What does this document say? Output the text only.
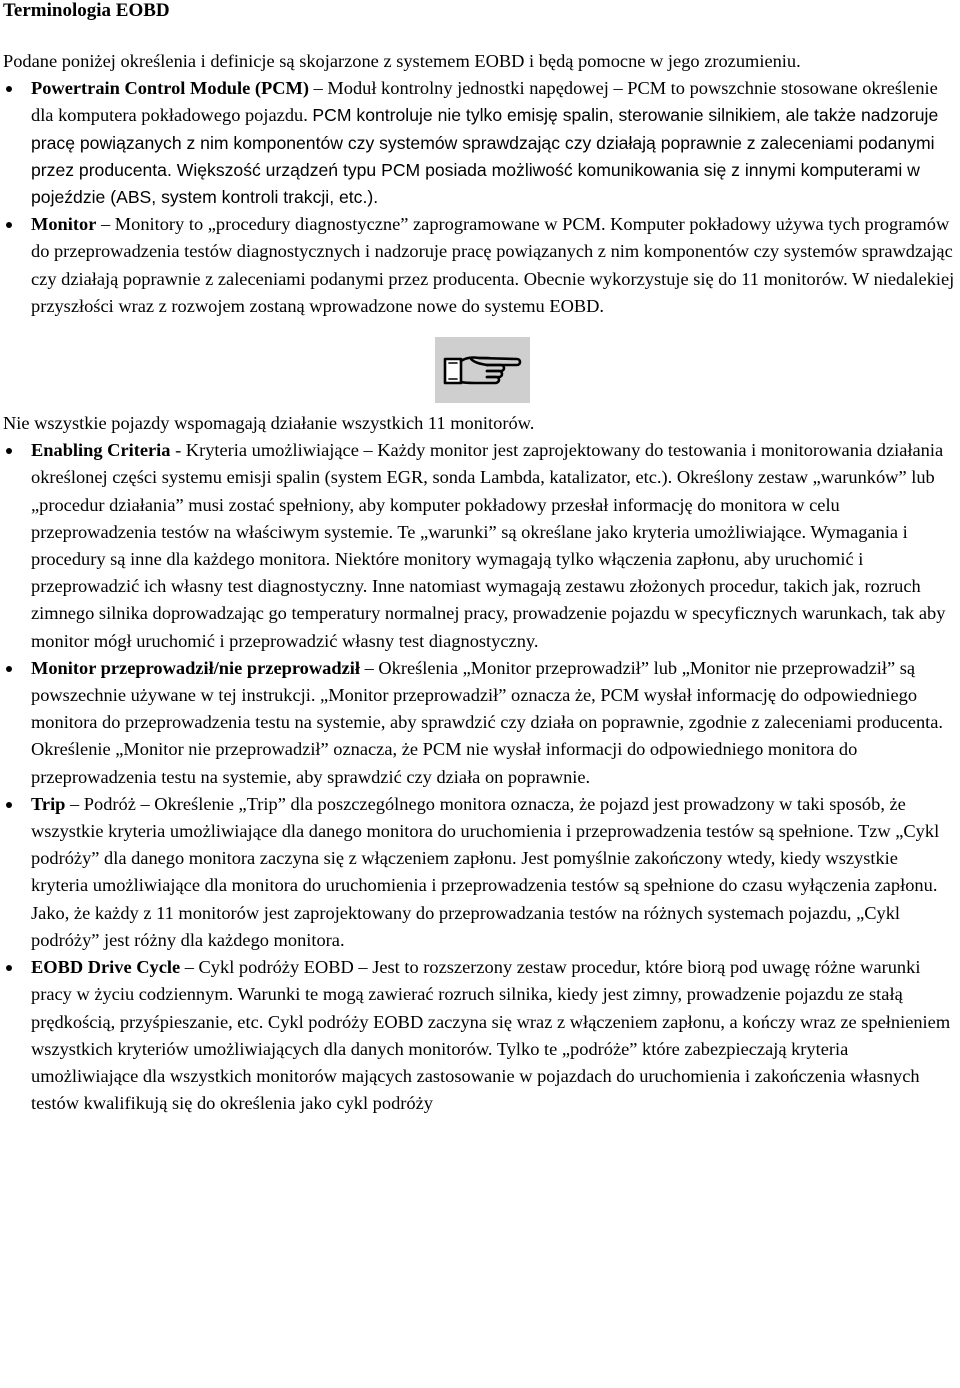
Terminologia EOBD

Podane poniżej określenia i definicje są skojarzone z systemem EOBD i będą pomocne w jego zrozumieniu.

Powertrain Control Module (PCM) – Moduł kontrolny jednostki napędowej – PCM to powszchnie stosowane określenie dla komputera pokładowego pojazdu. PCM kontroluje nie tylko emisję spalin, sterowanie silnikiem, ale także nadzoruje pracę powiązanych z nim komponentów czy systemów sprawdzając czy działają poprawnie z zaleceniami podanymi przez producenta. Większość urządzeń typu PCM posiada możliwość komunikowania się z innymi komputerami w pojeździe (ABS, system kontroli trakcji, etc.).
Monitor – Monitory to „procedury diagnostyczne” zaprogramowane w PCM. Komputer pokładowy używa tych programów do przeprowadzenia testów diagnostycznych i nadzoruje pracę powiązanych z nim komponentów czy systemów sprawdzając czy działają poprawnie z zaleceniami podanymi przez producenta. Obecnie wykorzystuje się do 11 monitorów. W niedalekiej przyszłości wraz z rozwojem zostaną wprowadzone nowe do systemu EOBD.

Nie wszystkie pojazdy wspomagają działanie wszystkich 11 monitorów.

Enabling Criteria - Kryteria umożliwiające – Każdy monitor jest zaprojektowany do testowania i monitorowania działania określonej części systemu emisji spalin (system EGR, sonda Lambda, katalizator, etc.). Określony zestaw „warunków” lub „procedur działania” musi zostać spełniony, aby komputer pokładowy przesłał informację do monitora w celu przeprowadzenia testów na właściwym systemie. Te „warunki” są określane jako kryteria umożliwiające. Wymagania i procedury są inne dla każdego monitora. Niektóre monitory wymagają tylko włączenia zapłonu, aby uruchomić i przeprowadzić ich własny test diagnostyczny. Inne natomiast wymagają zestawu złożonych procedur, takich jak, rozruch zimnego silnika doprowadzając go temperatury normalnej pracy, prowadzenie pojazdu w specyficznych warunkach, tak aby monitor mógł uruchomić i przeprowadzić własny test diagnostyczny.
Monitor przeprowadził/nie przeprowadził – Określenia „Monitor przeprowadził” lub „Monitor nie przeprowadził” są powszechnie używane w tej instrukcji. „Monitor przeprowadził” oznacza że, PCM wysłał informację do odpowiedniego monitora do przeprowadzenia testu na systemie, aby sprawdzić czy działa on poprawnie, zgodnie z zaleceniami producenta. Określenie „Monitor nie przeprowadził” oznacza, że PCM nie wysłał informacji do odpowiedniego monitora do przeprowadzenia testu na systemie, aby sprawdzić czy działa on poprawnie.
Trip – Podróż – Określenie „Trip” dla poszczególnego monitora oznacza, że pojazd jest prowadzony w taki sposób, że wszystkie kryteria umożliwiające dla danego monitora do uruchomienia i przeprowadzenia testów są spełnione. Tzw „Cykl podróży” dla danego monitora zaczyna się z włączeniem zapłonu. Jest pomyślnie zakończony wtedy, kiedy wszystkie kryteria umożliwiające dla monitora do uruchomienia i przeprowadzenia testów są spełnione do czasu wyłączenia zapłonu. Jako, że każdy z 11 monitorów jest zaprojektowany do przeprowadzania testów na różnych systemach pojazdu, „Cykl podróży” jest różny dla każdego monitora.
EOBD Drive Cycle – Cykl podróży EOBD – Jest to rozszerzony zestaw procedur, które biorą pod uwagę różne warunki pracy w życiu codziennym. Warunki te mogą zawierać rozruch silnika, kiedy jest zimny, prowadzenie pojazdu ze stałą prędkością, przyśpieszanie, etc. Cykl podróży EOBD zaczyna się wraz z włączeniem zapłonu, a kończy wraz ze spełnieniem wszystkich kryteriów umożliwiających dla danych monitorów. Tylko te „podróże” które zabezpieczają kryteria umożliwiające dla wszystkich monitorów mających zastosowanie w pojazdach do uruchomienia i zakończenia własnych testów kwalifikują się do określenia jako cykl podróży
